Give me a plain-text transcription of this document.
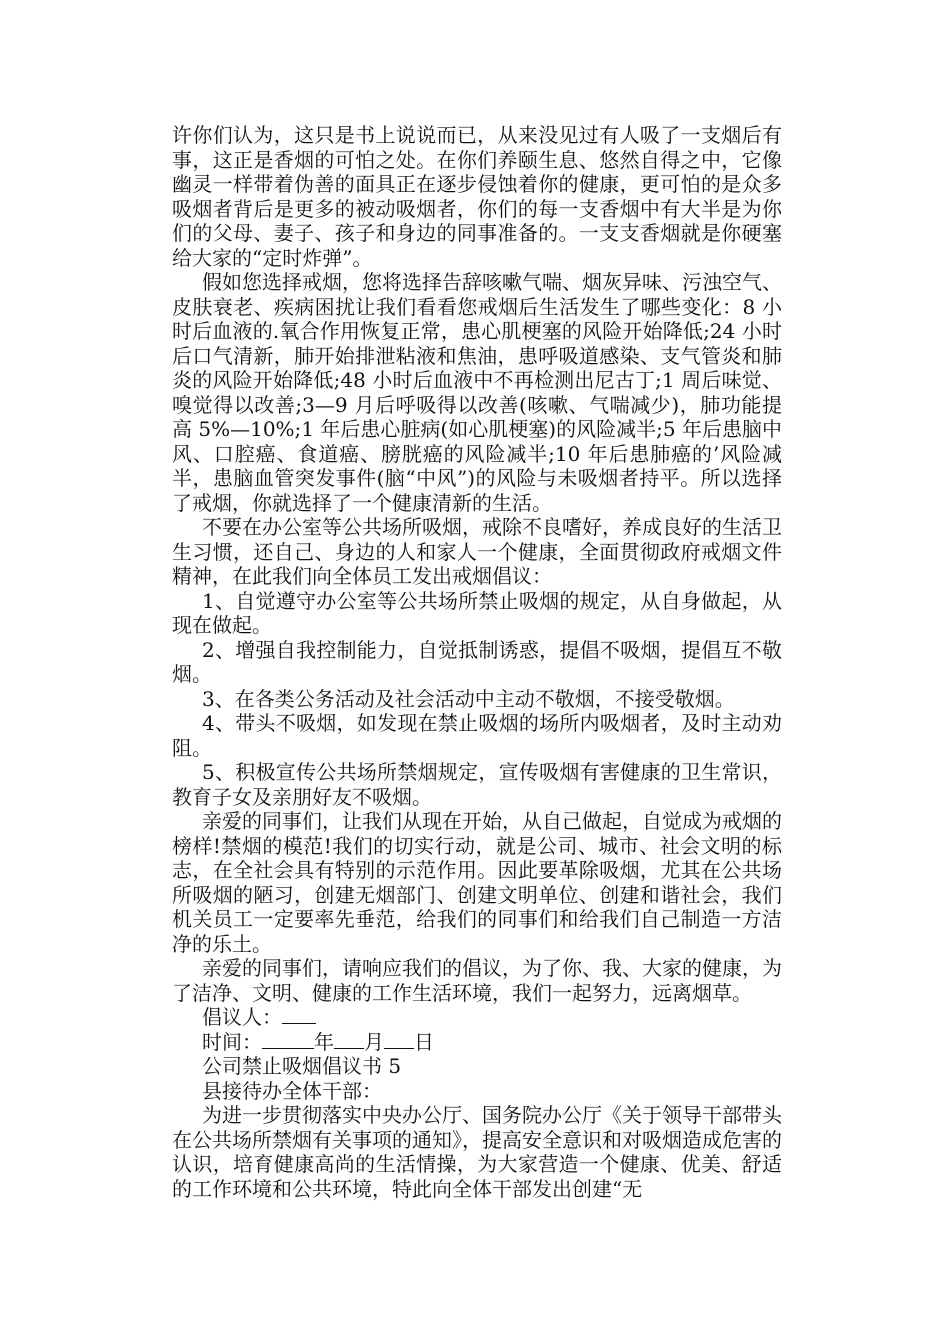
许你们认为，这只是书上说说而已，从来没见过有人吸了一支烟后有事，这正是香烟的可怕之处。在你们养颐生息、悠然自得之中，它像幽灵一样带着伪善的面具正在逐步侵蚀着你的健康，更可怕的是众多吸烟者背后是更多的被动吸烟者，你们的每一支香烟中有大半是为你们的父母、妻子、孩子和身边的同事准备的。一支支香烟就是你硬塞给大家的“定时炸弹”。

假如您选择戒烟，您将选择告辞咳嗽气喘、烟灰异味、污浊空气、皮肤衰老、疾病困扰让我们看看您戒烟后生活发生了哪些变化：8 小时后血液的.氧合作用恢复正常，患心肌梗塞的风险开始降低;24 小时后口气清新，肺开始排泄粘液和焦油，患呼吸道感染、支气管炎和肺炎的风险开始降低;48 小时后血液中不再检测出尼古丁;1 周后味觉、嗅觉得以改善;3—9 月后呼吸得以改善(咳嗽、气喘减少)，肺功能提高 5%—10%;1 年后患心脏病(如心肌梗塞)的风险减半;5 年后患脑中风、口腔癌、食道癌、膀胱癌的风险减半;10 年后患肺癌的’风险减半，患脑血管突发事件(脑“中风”)的风险与未吸烟者持平。所以选择了戒烟，你就选择了一个健康清新的生活。

不要在办公室等公共场所吸烟，戒除不良嗜好，养成良好的生活卫生习惯，还自己、身边的人和家人一个健康，全面贯彻政府戒烟文件精神，在此我们向全体员工发出戒烟倡议：

1、自觉遵守办公室等公共场所禁止吸烟的规定，从自身做起，从现在做起。

2、增强自我控制能力，自觉抵制诱惑，提倡不吸烟，提倡互不敬烟。

3、在各类公务活动及社会活动中主动不敬烟，不接受敬烟。

4、带头不吸烟，如发现在禁止吸烟的场所内吸烟者，及时主动劝阻。

5、积极宣传公共场所禁烟规定，宣传吸烟有害健康的卫生常识，教育子女及亲朋好友不吸烟。

亲爱的同事们，让我们从现在开始，从自己做起，自觉成为戒烟的榜样!禁烟的模范!我们的切实行动，就是公司、城市、社会文明的标志，在全社会具有特别的示范作用。因此要革除吸烟，尤其在公共场所吸烟的陋习，创建无烟部门、创建文明单位、创建和谐社会，我们机关员工一定要率先垂范，给我们的同事们和给我们自己制造一方洁净的乐土。

亲爱的同事们，请响应我们的倡议，为了你、我、大家的健康，为了洁净、文明、健康的工作生活环境，我们一起努力，远离烟草。

倡议人：

时间：	年 月 日

公司禁止吸烟倡议书 5

县接待办全体干部：

为进一步贯彻落实中央办公厅、国务院办公厅《关于领导干部带头在公共场所禁烟有关事项的通知》，提高安全意识和对吸烟造成危害的认识，培育健康高尚的生活情操，为大家营造一个健康、优美、舒适的工作环境和公共环境，特此向全体干部发出创建“无
